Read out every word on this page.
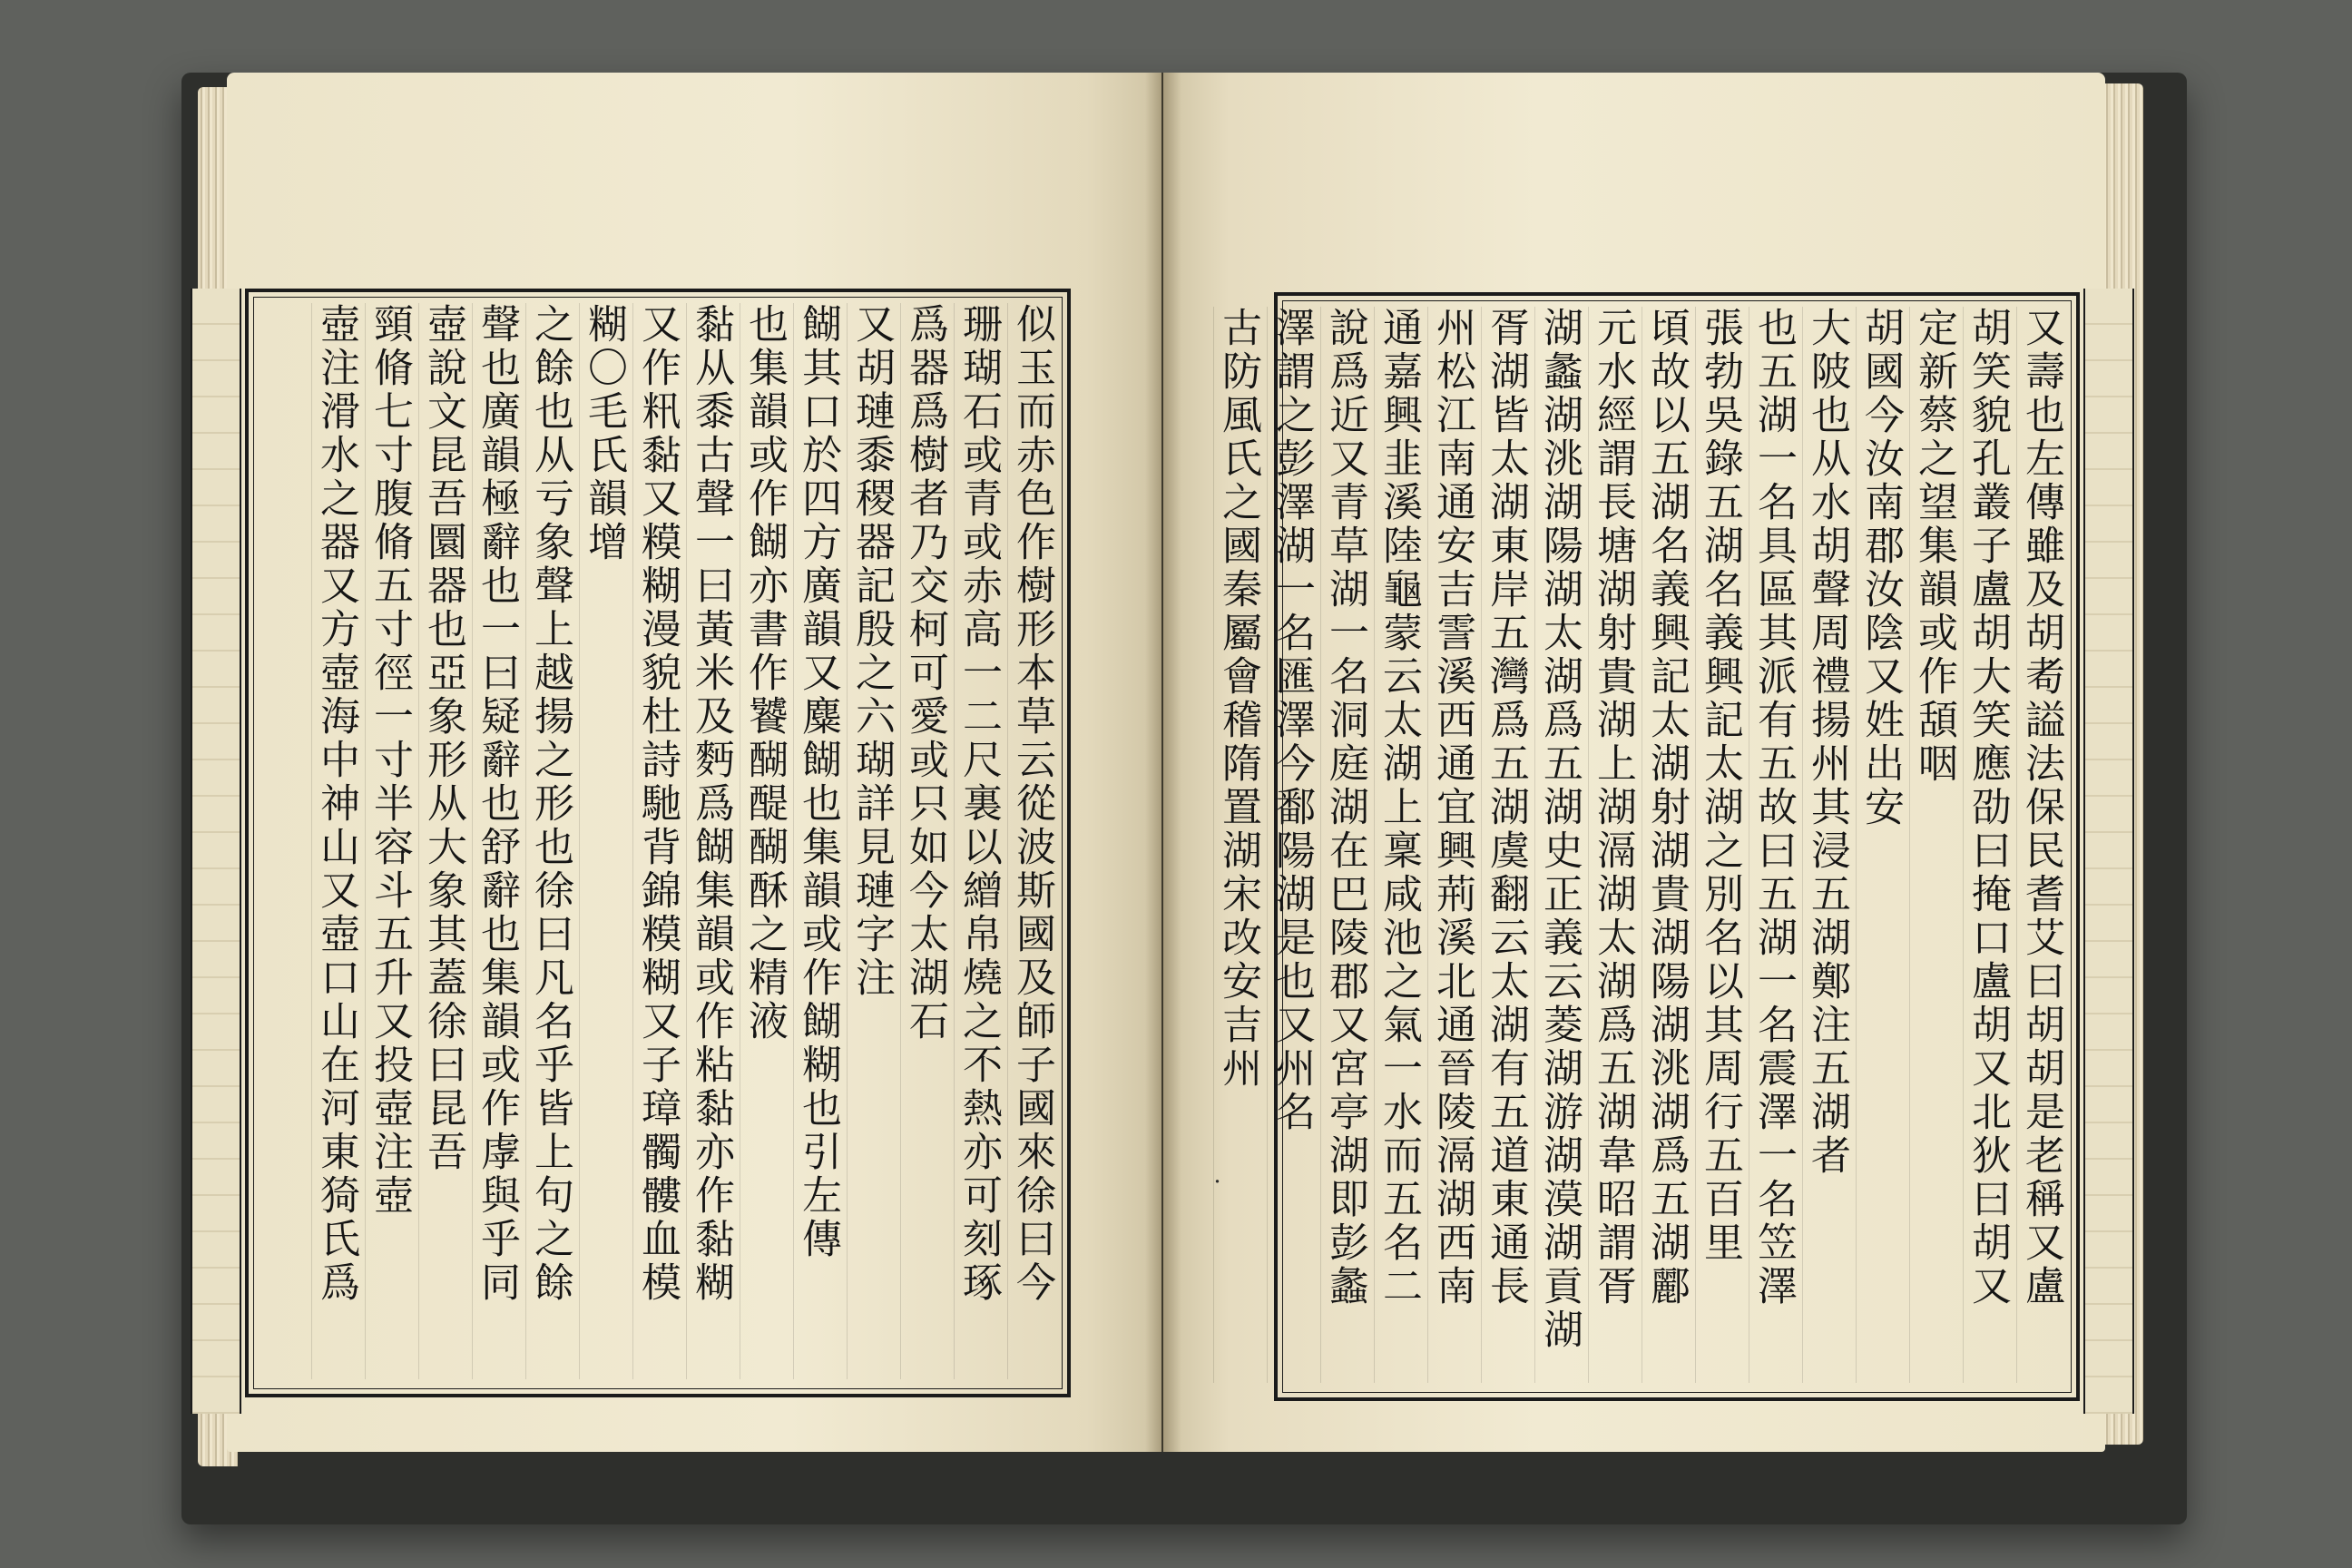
似玉而赤色作樹形本草云從波斯國及師子國來徐曰今
珊瑚石或青或赤高一二尺裏以繒帛燒之不熱亦可刻琢
爲器爲樹者乃交柯可愛或只如今太湖石
又胡璉黍稷器記殷之六瑚詳見璉字注
餬其口於四方廣韻又麋餬也集韻或作餬糊也引左傳
也集韻或作餬亦書作饕醐醍醐酥之精液
黏从黍古聲一曰黃米及麪爲餬集韻或作粘黏亦作黏糊
又作籸黏又糢糊漫貌杜詩馳背錦糢糊又子璋髑髏血模
糊〇毛氏韻增
之餘也从亏象聲上越揚之形也徐曰凡名乎皆上句之餘
聲也廣韻極辭也一曰疑辭也舒辭也集韻或作虖與乎同
壺說文昆吾圜器也亞象形从大象其蓋徐曰昆吾
頸脩七寸腹脩五寸徑一寸半容斗五升又投壺注壺
壺注滑水之器又方壺海中神山又壺口山在河東猗氏爲	又壽也左傳雖及胡耇謚法保民耆艾曰胡胡是老稱又盧
胡笑貌孔叢子盧胡大笑應劭曰掩口盧胡又北狄曰胡又
定新蔡之望集韻或作頢咽
胡國今汝南郡汝陰又姓出安
大陂也从水胡聲周禮揚州其浸五湖鄭注五湖者
也五湖一名具區其派有五故曰五湖一名震澤一名笠澤
張勃吳錄五湖名義興記太湖之別名以其周行五百里
頃故以五湖名義興記太湖射湖貴湖陽湖洮湖爲五湖酈
元水經謂長塘湖射貴湖上湖滆湖太湖爲五湖韋昭謂胥
湖蠡湖洮湖陽湖太湖爲五湖史正義云菱湖游湖漠湖貢湖
胥湖皆太湖東岸五灣爲五湖虞翻云太湖有五道東通長
州松江南通安吉霅溪西通宜興荊溪北通晉陵滆湖西南
通嘉興韭溪陸龜蒙云太湖上稟咸池之氣一水而五名二
說爲近又青草湖一名洞庭湖在巴陵郡又宮亭湖即彭蠡
澤謂之彭澤湖一名匯澤今鄱陽湖是也又州名
古防風氏之國秦屬會稽隋置湖宋改安吉州
˙
